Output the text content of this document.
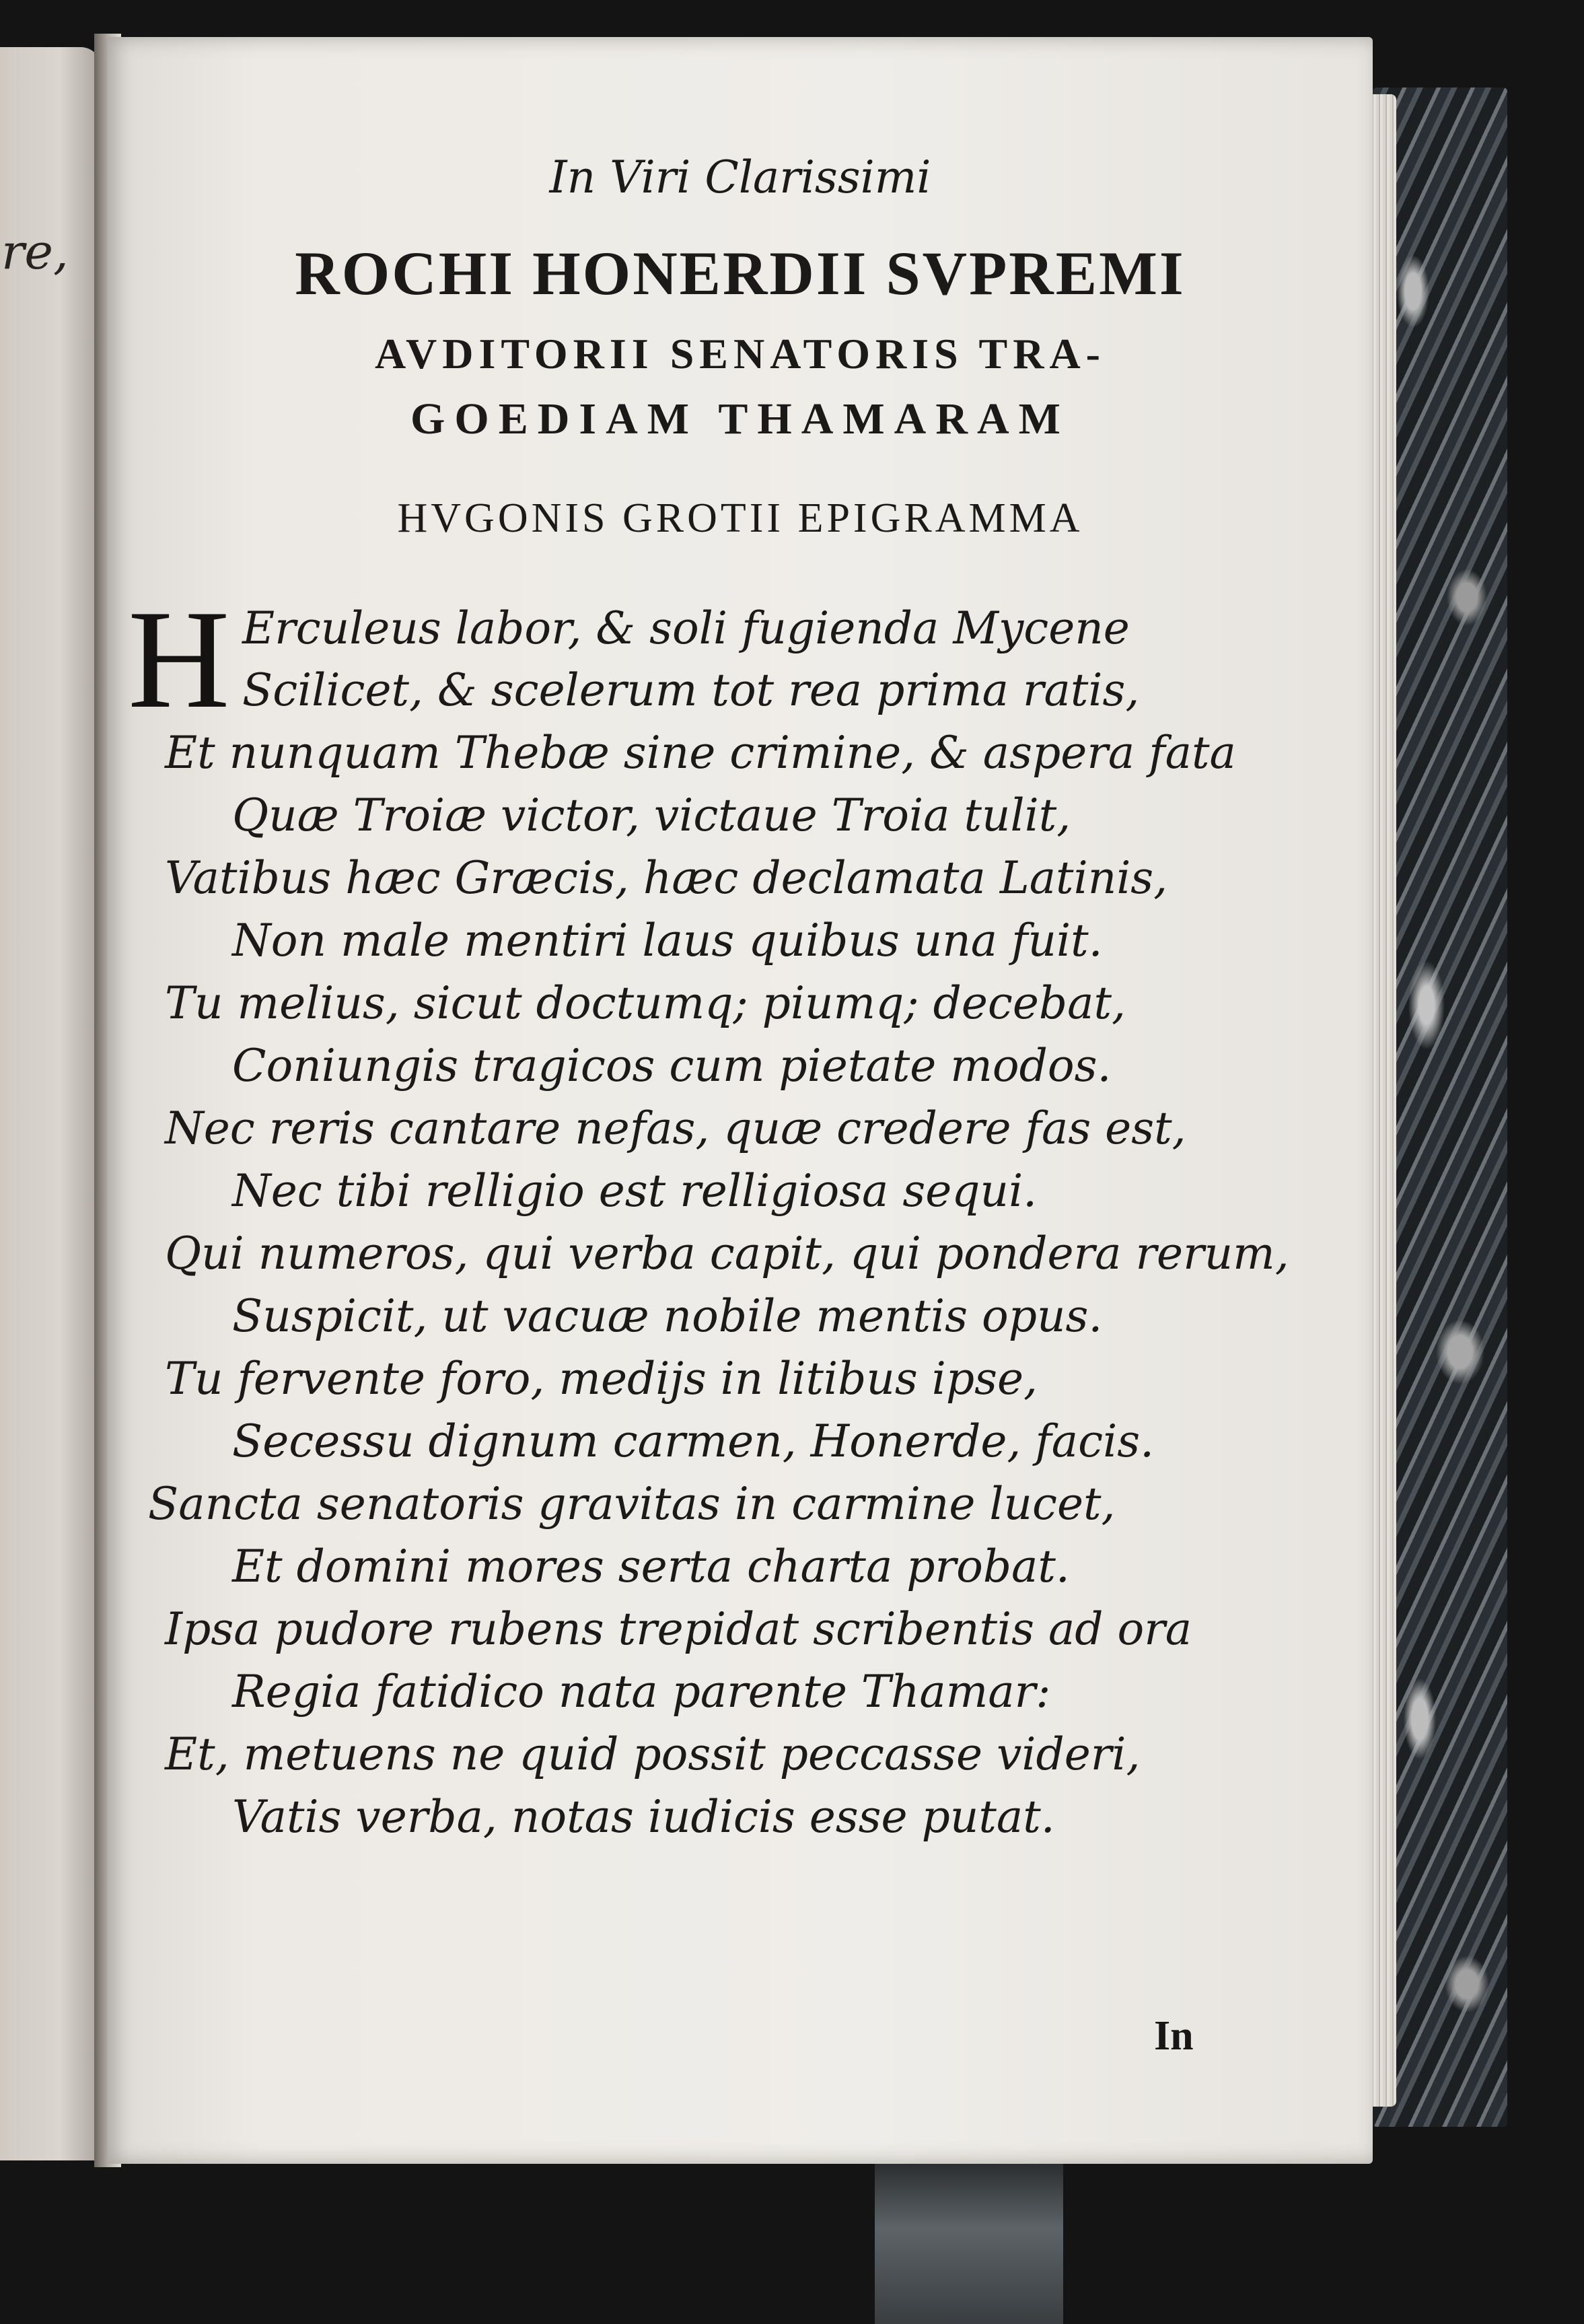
re,
In Viri Clarissimi
ROCHI HONERDII SVPREMI
AVDITORII SENATORIS TRA-
GOEDIAM THAMARAM
HVGONIS GROTII EPIGRAMMA
H Erculeus labor, & soli fugienda Mycene
Scilicet, & scelerum tot rea prima ratis,
Et nunquam Thebæ sine crimine, & aspera fata
Quæ Troiæ victor, victaue Troia tulit,
Vatibus hæc Græcis, hæc declamata Latinis,
Non male mentiri laus quibus una fuit.
Tu melius, sicut doctumq; piumq; decebat,
Coniungis tragicos cum pietate modos.
Nec reris cantare nefas, quæ credere fas est,
Nec tibi relligio est relligiosa sequi.
Qui numeros, qui verba capit, qui pondera rerum,
Suspicit, ut vacuæ nobile mentis opus.
Tu fervente foro, medijs in litibus ipse,
Secessu dignum carmen, Honerde, facis.
Sancta senatoris gravitas in carmine lucet,
Et domini mores serta charta probat.
Ipsa pudore rubens trepidat scribentis ad ora
Regia fatidico nata parente Thamar:
Et, metuens ne quid possit peccasse videri,
Vatis verba, notas iudicis esse putat.
In
